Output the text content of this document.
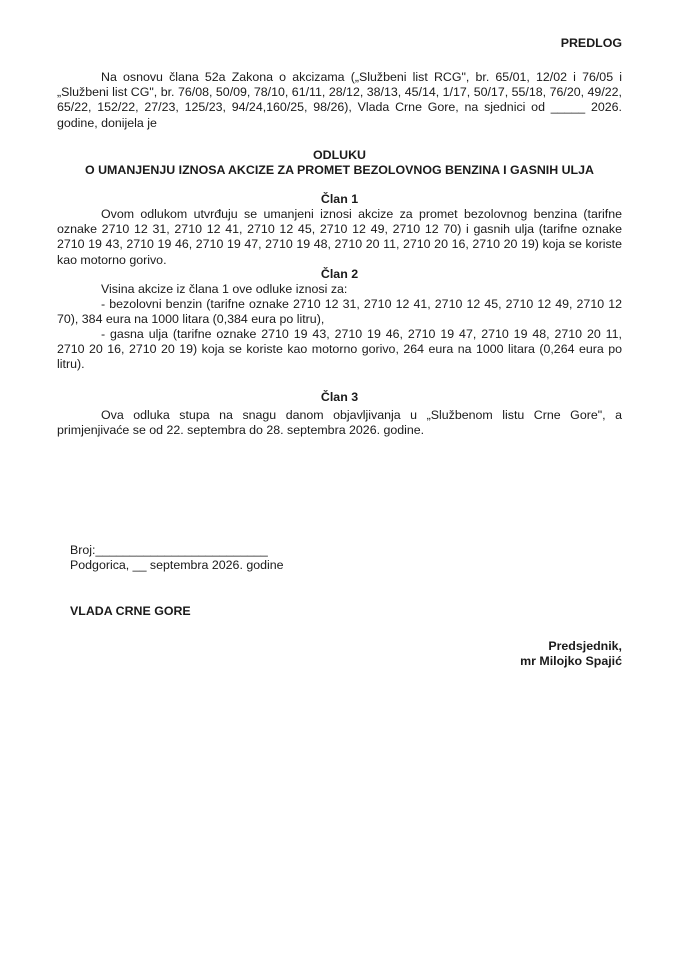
PREDLOG

Na osnovu člana 52a Zakona o akcizama („Službeni list RCG", br. 65/01, 12/02 i 76/05 i „Službeni list CG", br. 76/08, 50/09, 78/10, 61/11, 28/12, 38/13, 45/14, 1/17, 50/17, 55/18, 76/20, 49/22, 65/22, 152/22, 27/23, 125/23, 94/24,160/25, 98/26), Vlada Crne Gore, na sjednici od _____ 2026. godine, donijela je

ODLUKU

O UMANJENJU IZNOSA AKCIZE ZA PROMET BEZOLOVNOG BENZINA I GASNIH ULJA

Član 1

Ovom odlukom utvrđuju se umanjeni iznosi akcize za promet bezolovnog benzina (tarifne oznake 2710 12 31, 2710 12 41, 2710 12 45, 2710 12 49, 2710 12 70) i gasnih ulja (tarifne oznake 2710 19 43, 2710 19 46, 2710 19 47, 2710 19 48, 2710 20 11, 2710 20 16, 2710 20 19) koja se koriste kao motorno gorivo.

Član 2

Visina akcize iz člana 1 ove odluke iznosi za:

- bezolovni benzin (tarifne oznake 2710 12 31, 2710 12 41, 2710 12 45, 2710 12 49, 2710 12 70), 384 eura na 1000 litara (0,384 eura po litru),

- gasna ulja (tarifne oznake 2710 19 43, 2710 19 46, 2710 19 47, 2710 19 48, 2710 20 11, 2710 20 16, 2710 20 19) koja se koriste kao motorno gorivo, 264 eura na 1000 litara (0,264 eura po litru).

Član 3

Ova odluka stupa na snagu danom objavljivanja u „Službenom listu Crne Gore", a primjenjivaće se od 22. septembra do 28. septembra 2026. godine.

Broj:_________________________

Podgorica, __ septembra 2026. godine

VLADA CRNE GORE

Predsjednik,

mr Milojko Spajić
